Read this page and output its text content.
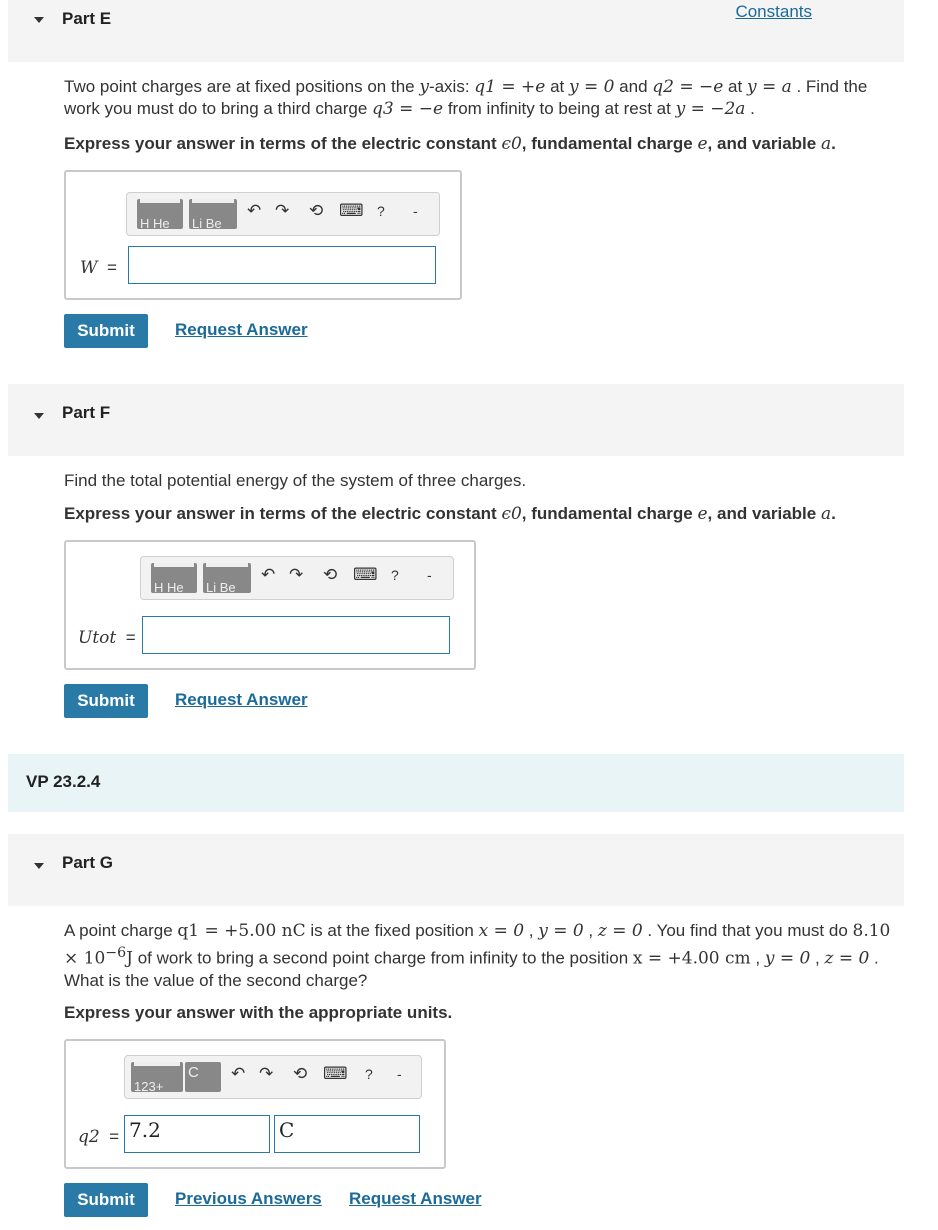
Part E	Constants
Two point charges are at fixed positions on the y-axis: q1 = +e at y = 0 and q2 = −e at y = a . Find the work you must do to bring a third charge q3 = −e from infinity to being at rest at y = −2a .
Express your answer in terms of the electric constant ϵ0, fundamental charge e, and variable a.
H He Li Be
↶ ↷ ⟲ ⌨ ? -
W =
Submit	Request Answer
Part F
Find the total potential energy of the system of three charges.
Express your answer in terms of the electric constant ϵ0, fundamental charge e, and variable a.
H He Li Be
↶ ↷ ⟲ ⌨ ? -
Utot =
Submit	Request Answer
VP 23.2.4
Part G
A point charge q1 = +5.00 nC is at the fixed position x = 0 , y = 0 , z = 0 . You find that you must do $8.10 \times 10^{-6}J$ of work to bring a second point charge from infinity to the position x = +4.00 cm , y = 0 , z = 0 . What is the value of the second charge?
Express your answer with the appropriate units.
123+
C ↶ ↷ ⟲ ⌨ ? -
q2 = 7.2	C
Submit	Previous Answers Request Answer
